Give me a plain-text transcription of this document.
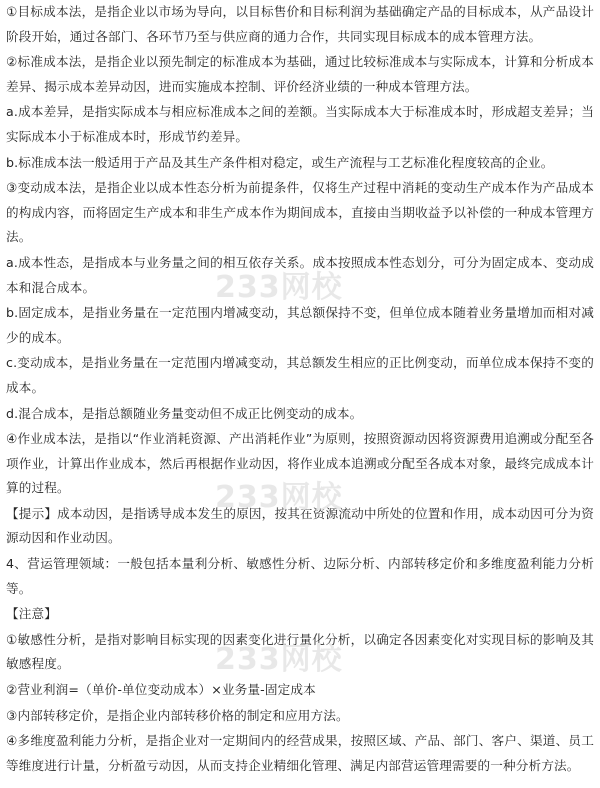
①目标成本法，是指企业以市场为导向，以目标售价和目标利润为基础确定产品的目标成本，从产品设计阶段开始，通过各部门、各环节乃至与供应商的通力合作，共同实现目标成本的成本管理方法。

②标准成本法，是指企业以预先制定的标准成本为基础，通过比较标准成本与实际成本，计算和分析成本差异、揭示成本差异动因，进而实施成本控制、评价经济业绩的一种成本管理方法。

a.成本差异，是指实际成本与相应标准成本之间的差额。当实际成本大于标准成本时，形成超支差异；当实际成本小于标准成本时，形成节约差异。

b.标准成本法一般适用于产品及其生产条件相对稳定，或生产流程与工艺标准化程度较高的企业。

③变动成本法，是指企业以成本性态分析为前提条件，仅将生产过程中消耗的变动生产成本作为产品成本的构成内容，而将固定生产成本和非生产成本作为期间成本，直接由当期收益予以补偿的一种成本管理方法。

a.成本性态，是指成本与业务量之间的相互依存关系。成本按照成本性态划分，可分为固定成本、变动成本和混合成本。

b.固定成本，是指业务量在一定范围内增减变动，其总额保持不变，但单位成本随着业务量增加而相对减少的成本。

c.变动成本，是指业务量在一定范围内增减变动，其总额发生相应的正比例变动，而单位成本保持不变的成本。

d.混合成本，是指总额随业务量变动但不成正比例变动的成本。

④作业成本法，是指以“作业消耗资源、产出消耗作业”为原则，按照资源动因将资源费用追溯或分配至各项作业，计算出作业成本，然后再根据作业动因，将作业成本追溯或分配至各成本对象，最终完成成本计算的过程。

【提示】成本动因，是指诱导成本发生的原因，按其在资源流动中所处的位置和作用，成本动因可分为资源动因和作业动因。

4、营运管理领域：一般包括本量利分析、敏感性分析、边际分析、内部转移定价和多维度盈利能力分析等。

【注意】

①敏感性分析，是指对影响目标实现的因素变化进行量化分析，以确定各因素变化对实现目标的影响及其敏感程度。

②营业利润=（单价-单位变动成本）×业务量-固定成本

③内部转移定价，是指企业内部转移价格的制定和应用方法。

④多维度盈利能力分析，是指企业对一定期间内的经营成果，按照区域、产品、部门、客户、渠道、员工等维度进行计量，分析盈亏动因，从而支持企业精细化管理、满足内部营运管理需要的一种分析方法。

233网校
233网校
233网校
